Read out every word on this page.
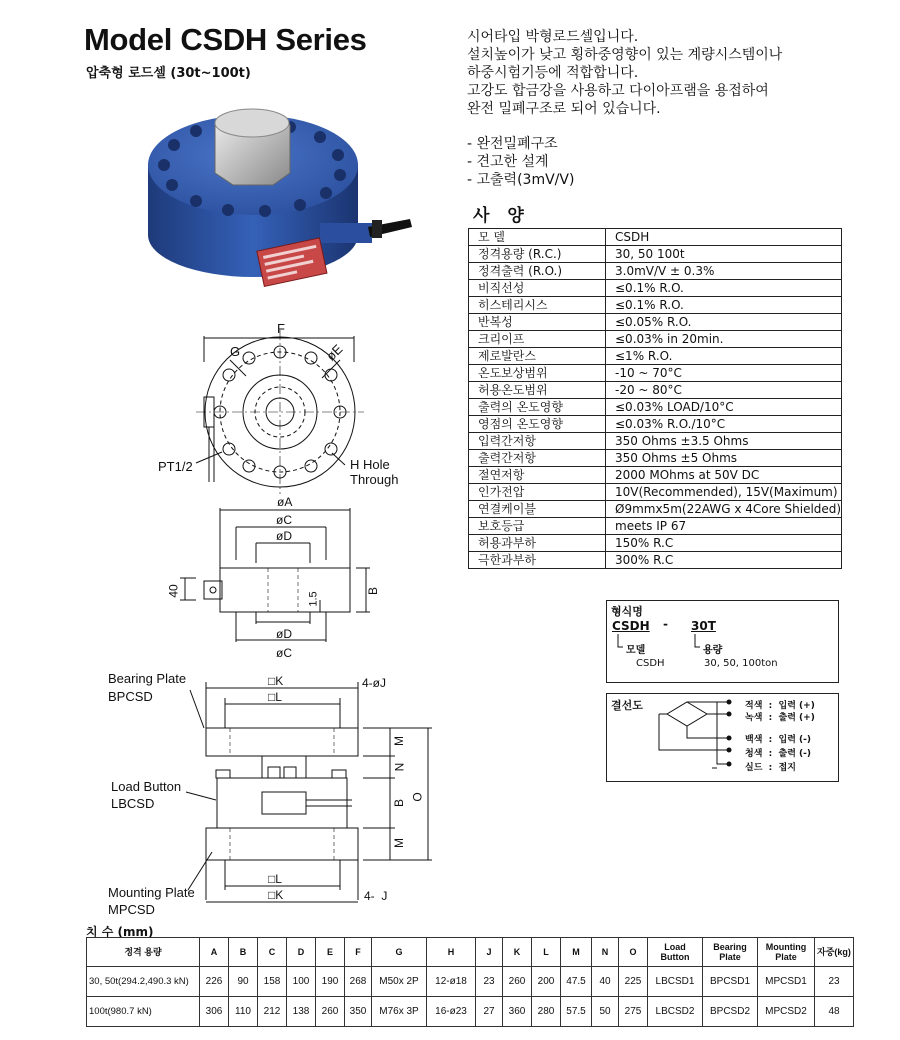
Model CSDH Series
압축형 로드셀 (30t~100t)
시어타입 박형로드셀입니다.
설치높이가 낮고 횡하중영향이 있는 계량시스템이나
하중시험기등에 적합합니다.
고강도 합금강을 사용하고 다이아프램을 용접하여
완전 밀폐구조로 되어 있습니다.
- 완전밀폐구조
- 견고한 설계
- 고출력(3mV/V)
F
G	øE
PT1/2	H Hole
Through
øA
øC
øD
40
1.5
B
øD
øC
□K
□L
4-øJ
Bearing Plate
BPCSD
Load Button
LBCSD
Mounting Plate
MPCSD
M
N
B
M
O
□L
□K	4-  J
사 양
모 델	CSDH
정격용량 (R.C.)	30, 50 100t
정격출력 (R.O.)	3.0mV/V ± 0.3%
비직선성	≤0.1% R.O.
히스테리시스	≤0.1% R.O.
반복성	≤0.05% R.O.
크리이프	≤0.03% in 20min.
제로발란스	≤1% R.O.
온도보상범위	-10 ~ 70°C
허용온도범위	-20 ~ 80°C
출력의 온도영향	≤0.03% LOAD/10°C
영점의 온도영향	≤0.03% R.O./10°C
입력간저항	350 Ohms ±3.5 Ohms
출력간저항	350 Ohms ±5 Ohms
절연저항	2000 MOhms at 50V DC
인가전압	10V(Recommended), 15V(Maximum)
연결케이블	Ø9mmx5m(22AWG x 4Core Shielded)
보호등급	meets IP 67
허용과부하	150% R.C
극한과부하	300% R.C
형식명
CSDH - 30T
모델	용량
CSDH	30, 50, 100ton
결선도	적색  :  입력 (+)
녹색  :  출력 (+)
백색  :  입력 (-)
청색  :  출력 (-)
실드  :  접지
치 수 (mm)
정격 용량	A	B	C	D	E	F	G	H	J	K	L	M	N	O	Load Button	Bearing Plate	Mounting Plate	자중(kg)
30, 50t(294.2,490.3 kN)	226	90	158	100	190	268	M50x 2P	12-ø18	23	260	200	47.5	40	225	LBCSD1	BPCSD1	MPCSD1	23
100t(980.7 kN)	306	110	212	138	260	350	M76x 3P	16-ø23	27	360	280	57.5	50	275	LBCSD2	BPCSD2	MPCSD2	48
